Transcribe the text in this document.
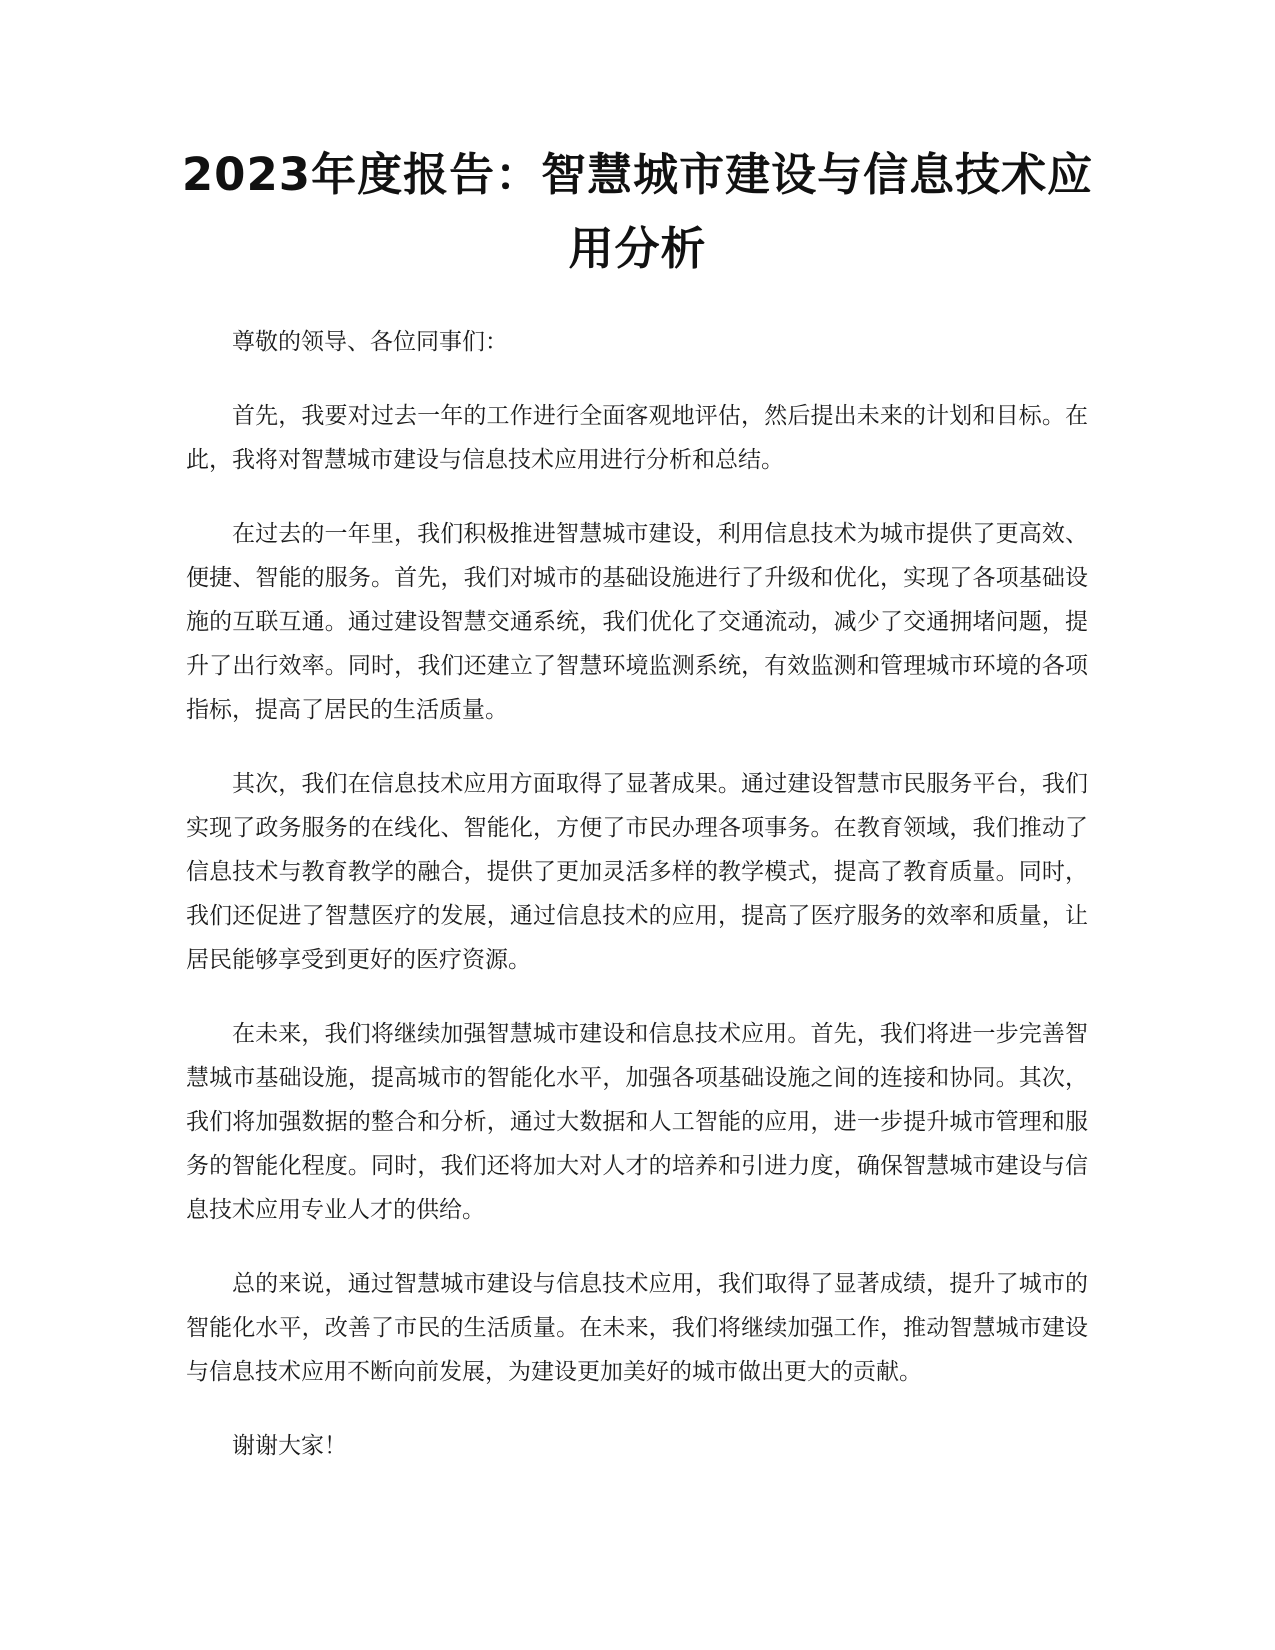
2023年度报告：智慧城市建设与信息技术应用分析

尊敬的领导、各位同事们：

首先，我要对过去一年的工作进行全面客观地评估，然后提出未来的计划和目标。在此，我将对智慧城市建设与信息技术应用进行分析和总结。

在过去的一年里，我们积极推进智慧城市建设，利用信息技术为城市提供了更高效、便捷、智能的服务。首先，我们对城市的基础设施进行了升级和优化，实现了各项基础设施的互联互通。通过建设智慧交通系统，我们优化了交通流动，减少了交通拥堵问题，提升了出行效率。同时，我们还建立了智慧环境监测系统，有效监测和管理城市环境的各项指标，提高了居民的生活质量。

其次，我们在信息技术应用方面取得了显著成果。通过建设智慧市民服务平台，我们实现了政务服务的在线化、智能化，方便了市民办理各项事务。在教育领域，我们推动了信息技术与教育教学的融合，提供了更加灵活多样的教学模式，提高了教育质量。同时，我们还促进了智慧医疗的发展，通过信息技术的应用，提高了医疗服务的效率和质量，让居民能够享受到更好的医疗资源。

在未来，我们将继续加强智慧城市建设和信息技术应用。首先，我们将进一步完善智慧城市基础设施，提高城市的智能化水平，加强各项基础设施之间的连接和协同。其次，我们将加强数据的整合和分析，通过大数据和人工智能的应用，进一步提升城市管理和服务的智能化程度。同时，我们还将加大对人才的培养和引进力度，确保智慧城市建设与信息技术应用专业人才的供给。

总的来说，通过智慧城市建设与信息技术应用，我们取得了显著成绩，提升了城市的智能化水平，改善了市民的生活质量。在未来，我们将继续加强工作，推动智慧城市建设与信息技术应用不断向前发展，为建设更加美好的城市做出更大的贡献。

谢谢大家！
